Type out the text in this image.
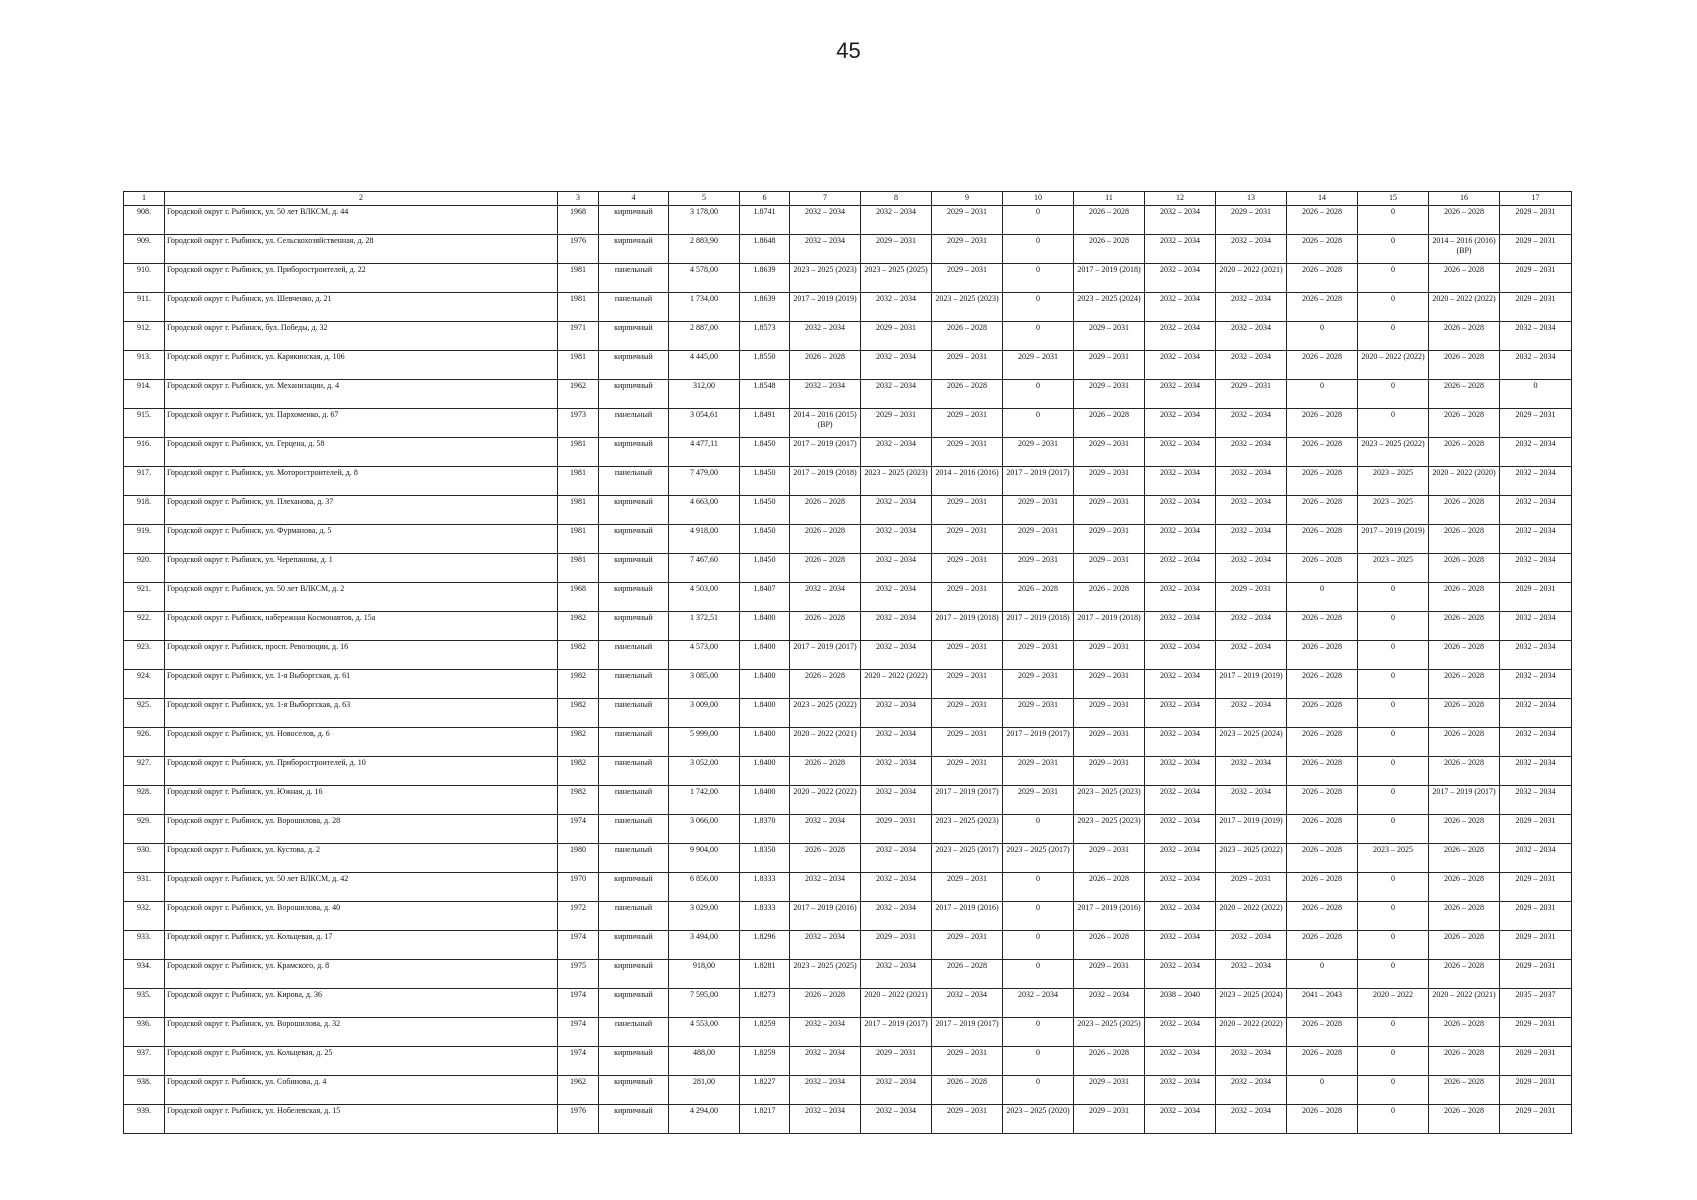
45
1	2	3	4	5	6	7	8	9	10	11	12	13	14	15	16	17
908.	Городской округ г. Рыбинск, ул. 50 лет ВЛКСМ, д. 44	1968	кирпичный	3 178,00	1.8741	2032 – 2034	2032 – 2034	2029 – 2031	0	2026 – 2028	2032 – 2034	2029 – 2031	2026 – 2028	0	2026 – 2028	2029 – 2031
909.	Городской округ г. Рыбинск, ул. Сельскохозяйственная, д. 28	1976	кирпичный	2 883,90	1.8648	2032 – 2034	2029 – 2031	2029 – 2031	0	2026 – 2028	2032 – 2034	2032 – 2034	2026 – 2028	0	2014 – 2016 (2016) (ВР)	2029 – 2031
910.	Городской округ г. Рыбинск, ул. Приборостроителей, д. 22	1981	панельный	4 578,00	1.8639	2023 – 2025 (2023)	2023 – 2025 (2025)	2029 – 2031	0	2017 – 2019 (2018)	2032 – 2034	2020 – 2022 (2021)	2026 – 2028	0	2026 – 2028	2029 – 2031
911.	Городской округ г. Рыбинск, ул. Шевченко, д. 21	1981	панельный	1 734,00	1.8639	2017 – 2019 (2019)	2032 – 2034	2023 – 2025 (2023)	0	2023 – 2025 (2024)	2032 – 2034	2032 – 2034	2026 – 2028	0	2020 – 2022 (2022)	2029 – 2031
912.	Городской округ г. Рыбинск, бул. Победы, д. 32	1971	кирпичный	2 887,00	1.8573	2032 – 2034	2029 – 2031	2026 – 2028	0	2029 – 2031	2032 – 2034	2032 – 2034	0	0	2026 – 2028	2032 – 2034
913.	Городской округ г. Рыбинск, ул. Карякинская, д. 106	1981	кирпичный	4 445,00	1.8550	2026 – 2028	2032 – 2034	2029 – 2031	2029 – 2031	2029 – 2031	2032 – 2034	2032 – 2034	2026 – 2028	2020 – 2022 (2022)	2026 – 2028	2032 – 2034
914.	Городской округ г. Рыбинск, ул. Механизации, д. 4	1962	кирпичный	312,00	1.8548	2032 – 2034	2032 – 2034	2026 – 2028	0	2029 – 2031	2032 – 2034	2029 – 2031	0	0	2026 – 2028	0
915.	Городской округ г. Рыбинск, ул. Пархоменко, д. 67	1973	панельный	3 054,61	1.8491	2014 – 2016 (2015) (ВР)	2029 – 2031	2029 – 2031	0	2026 – 2028	2032 – 2034	2032 – 2034	2026 – 2028	0	2026 – 2028	2029 – 2031
916.	Городской округ г. Рыбинск, ул. Герцена, д. 58	1981	кирпичный	4 477,11	1.8450	2017 – 2019 (2017)	2032 – 2034	2029 – 2031	2029 – 2031	2029 – 2031	2032 – 2034	2032 – 2034	2026 – 2028	2023 – 2025 (2022)	2026 – 2028	2032 – 2034
917.	Городской округ г. Рыбинск, ул. Моторостроителей, д. 8	1981	панельный	7 479,00	1.8450	2017 – 2019 (2018)	2023 – 2025 (2023)	2014 – 2016 (2016)	2017 – 2019 (2017)	2029 – 2031	2032 – 2034	2032 – 2034	2026 – 2028	2023 – 2025	2020 – 2022 (2020)	2032 – 2034
918.	Городской округ г. Рыбинск, ул. Плеханова, д. 37	1981	кирпичный	4 663,00	1.8450	2026 – 2028	2032 – 2034	2029 – 2031	2029 – 2031	2029 – 2031	2032 – 2034	2032 – 2034	2026 – 2028	2023 – 2025	2026 – 2028	2032 – 2034
919.	Городской округ г. Рыбинск, ул. Фурманова, д. 5	1981	кирпичный	4 918,00	1.8450	2026 – 2028	2032 – 2034	2029 – 2031	2029 – 2031	2029 – 2031	2032 – 2034	2032 – 2034	2026 – 2028	2017 – 2019 (2019)	2026 – 2028	2032 – 2034
920.	Городской округ г. Рыбинск, ул. Черепанова, д. 1	1981	кирпичный	7 467,60	1.8450	2026 – 2028	2032 – 2034	2029 – 2031	2029 – 2031	2029 – 2031	2032 – 2034	2032 – 2034	2026 – 2028	2023 – 2025	2026 – 2028	2032 – 2034
921.	Городской округ г. Рыбинск, ул. 50 лет ВЛКСМ, д. 2	1968	кирпичный	4 503,00	1.8407	2032 – 2034	2032 – 2034	2029 – 2031	2026 – 2028	2026 – 2028	2032 – 2034	2029 – 2031	0	0	2026 – 2028	2029 – 2031
922.	Городской округ г. Рыбинск, набережная Космонавтов, д. 15а	1982	кирпичный	1 372,51	1.8400	2026 – 2028	2032 – 2034	2017 – 2019 (2018)	2017 – 2019 (2018)	2017 – 2019 (2018)	2032 – 2034	2032 – 2034	2026 – 2028	0	2026 – 2028	2032 – 2034
923.	Городской округ г. Рыбинск, просп. Революции, д. 16	1982	панельный	4 573,00	1.8400	2017 – 2019 (2017)	2032 – 2034	2029 – 2031	2029 – 2031	2029 – 2031	2032 – 2034	2032 – 2034	2026 – 2028	0	2026 – 2028	2032 – 2034
924.	Городской округ г. Рыбинск, ул. 1-я Выборгская, д. 61	1982	панельный	3 085,00	1.8400	2026 – 2028	2020 – 2022 (2022)	2029 – 2031	2029 – 2031	2029 – 2031	2032 – 2034	2017 – 2019 (2019)	2026 – 2028	0	2026 – 2028	2032 – 2034
925.	Городской округ г. Рыбинск, ул. 1-я Выборгская, д. 63	1982	панельный	3 009,00	1.8400	2023 – 2025 (2022)	2032 – 2034	2029 – 2031	2029 – 2031	2029 – 2031	2032 – 2034	2032 – 2034	2026 – 2028	0	2026 – 2028	2032 – 2034
926.	Городской округ г. Рыбинск, ул. Новоселов, д. 6	1982	панельный	5 999,00	1.8400	2020 – 2022 (2021)	2032 – 2034	2029 – 2031	2017 – 2019 (2017)	2029 – 2031	2032 – 2034	2023 – 2025 (2024)	2026 – 2028	0	2026 – 2028	2032 – 2034
927.	Городской округ г. Рыбинск, ул. Приборостроителей, д. 10	1982	панельный	3 052,00	1.8400	2026 – 2028	2032 – 2034	2029 – 2031	2029 – 2031	2029 – 2031	2032 – 2034	2032 – 2034	2026 – 2028	0	2026 – 2028	2032 – 2034
928.	Городской округ г. Рыбинск, ул. Южная, д. 16	1982	панельный	1 742,00	1.8400	2020 – 2022 (2022)	2032 – 2034	2017 – 2019 (2017)	2029 – 2031	2023 – 2025 (2023)	2032 – 2034	2032 – 2034	2026 – 2028	0	2017 – 2019 (2017)	2032 – 2034
929.	Городской округ г. Рыбинск, ул. Ворошилова, д. 28	1974	панельный	3 066,00	1.8370	2032 – 2034	2029 – 2031	2023 – 2025 (2023)	0	2023 – 2025 (2023)	2032 – 2034	2017 – 2019 (2019)	2026 – 2028	0	2026 – 2028	2029 – 2031
930.	Городской округ г. Рыбинск, ул. Кустова, д. 2	1980	панельный	9 904,00	1.8350	2026 – 2028	2032 – 2034	2023 – 2025 (2017)	2023 – 2025 (2017)	2029 – 2031	2032 – 2034	2023 – 2025 (2022)	2026 – 2028	2023 – 2025	2026 – 2028	2032 – 2034
931.	Городской округ г. Рыбинск, ул. 50 лет ВЛКСМ, д. 42	1970	кирпичный	6 856,00	1.8333	2032 – 2034	2032 – 2034	2029 – 2031	0	2026 – 2028	2032 – 2034	2029 – 2031	2026 – 2028	0	2026 – 2028	2029 – 2031
932.	Городской округ г. Рыбинск, ул. Ворошилова, д. 40	1972	панельный	3 029,00	1.8333	2017 – 2019 (2016)	2032 – 2034	2017 – 2019 (2016)	0	2017 – 2019 (2016)	2032 – 2034	2020 – 2022 (2022)	2026 – 2028	0	2026 – 2028	2029 – 2031
933.	Городской округ г. Рыбинск, ул. Кольцевая, д. 17	1974	кирпичный	3 494,00	1.8296	2032 – 2034	2029 – 2031	2029 – 2031	0	2026 – 2028	2032 – 2034	2032 – 2034	2026 – 2028	0	2026 – 2028	2029 – 2031
934.	Городской округ г. Рыбинск, ул. Крамского, д. 8	1975	кирпичный	918,00	1.8281	2023 – 2025 (2025)	2032 – 2034	2026 – 2028	0	2029 – 2031	2032 – 2034	2032 – 2034	0	0	2026 – 2028	2029 – 2031
935.	Городской округ г. Рыбинск, ул. Кирова, д. 36	1974	кирпичный	7 595,00	1.8273	2026 – 2028	2020 – 2022 (2021)	2032 – 2034	2032 – 2034	2032 – 2034	2038 – 2040	2023 – 2025 (2024)	2041 – 2043	2020 – 2022	2020 – 2022 (2021)	2035 – 2037
936.	Городской округ г. Рыбинск, ул. Ворошилова, д. 32	1974	панельный	4 553,00	1.8259	2032 – 2034	2017 – 2019 (2017)	2017 – 2019 (2017)	0	2023 – 2025 (2025)	2032 – 2034	2020 – 2022 (2022)	2026 – 2028	0	2026 – 2028	2029 – 2031
937.	Городской округ г. Рыбинск, ул. Кольцевая, д. 25	1974	кирпичный	488,00	1.8259	2032 – 2034	2029 – 2031	2029 – 2031	0	2026 – 2028	2032 – 2034	2032 – 2034	2026 – 2028	0	2026 – 2028	2029 – 2031
938.	Городской округ г. Рыбинск, ул. Собинова, д. 4	1962	кирпичный	281,00	1.8227	2032 – 2034	2032 – 2034	2026 – 2028	0	2029 – 2031	2032 – 2034	2032 – 2034	0	0	2026 – 2028	2029 – 2031
939.	Городской округ г. Рыбинск, ул. Нобелевская, д. 15	1976	кирпичный	4 294,00	1.8217	2032 – 2034	2032 – 2034	2029 – 2031	2023 – 2025 (2020)	2029 – 2031	2032 – 2034	2032 – 2034	2026 – 2028	0	2026 – 2028	2029 – 2031
